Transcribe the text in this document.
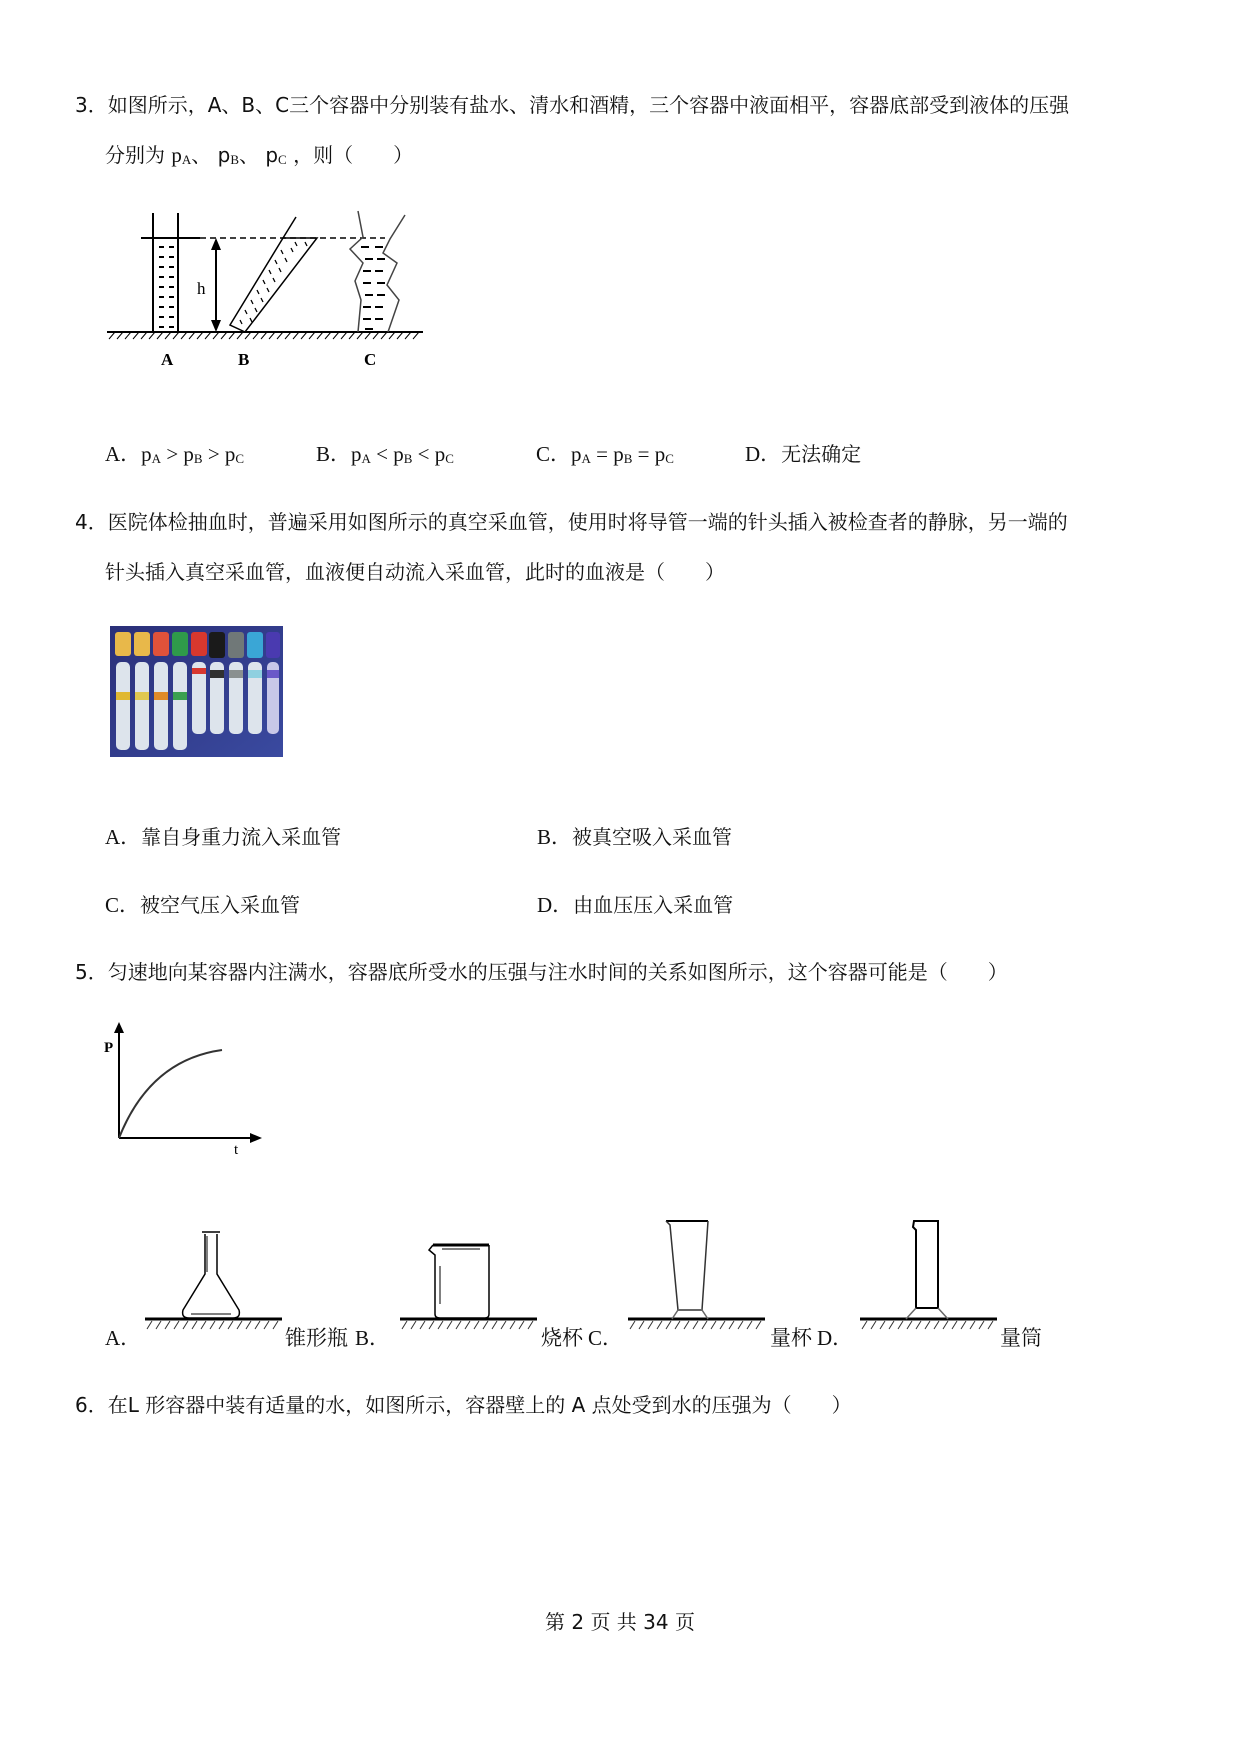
3．如图所示，A、B、C三个容器中分别装有盐水、清水和酒精，三个容器中液面相平，容器底部受到液体的压强
分别为 $p_A$、 $p_B$、 $p_C$ ，则（　　）
h
A	B	C
A．$p_A > p_B > p_C$	B．$p_A < p_B < p_C$	C．$p_A = p_B = p_C$	D．无法确定
4．医院体检抽血时，普遍采用如图所示的真空采血管，使用时将导管一端的针头插入被检查者的静脉，另一端的
针头插入真空采血管，血液便自动流入采血管，此时的血液是（　　）
A．靠自身重力流入采血管	B．被真空吸入采血管
C．被空气压入采血管	D．由血压压入采血管
5．匀速地向某容器内注满水，容器底所受水的压强与注水时间的关系如图所示，这个容器可能是（　　）
P
t
A．	锥形瓶 B．	烧杯 C．	量杯 D．	量筒
6．在L 形容器中装有适量的水，如图所示，容器壁上的 A 点处受到水的压强为（　　）
第 2 页 共 34 页
